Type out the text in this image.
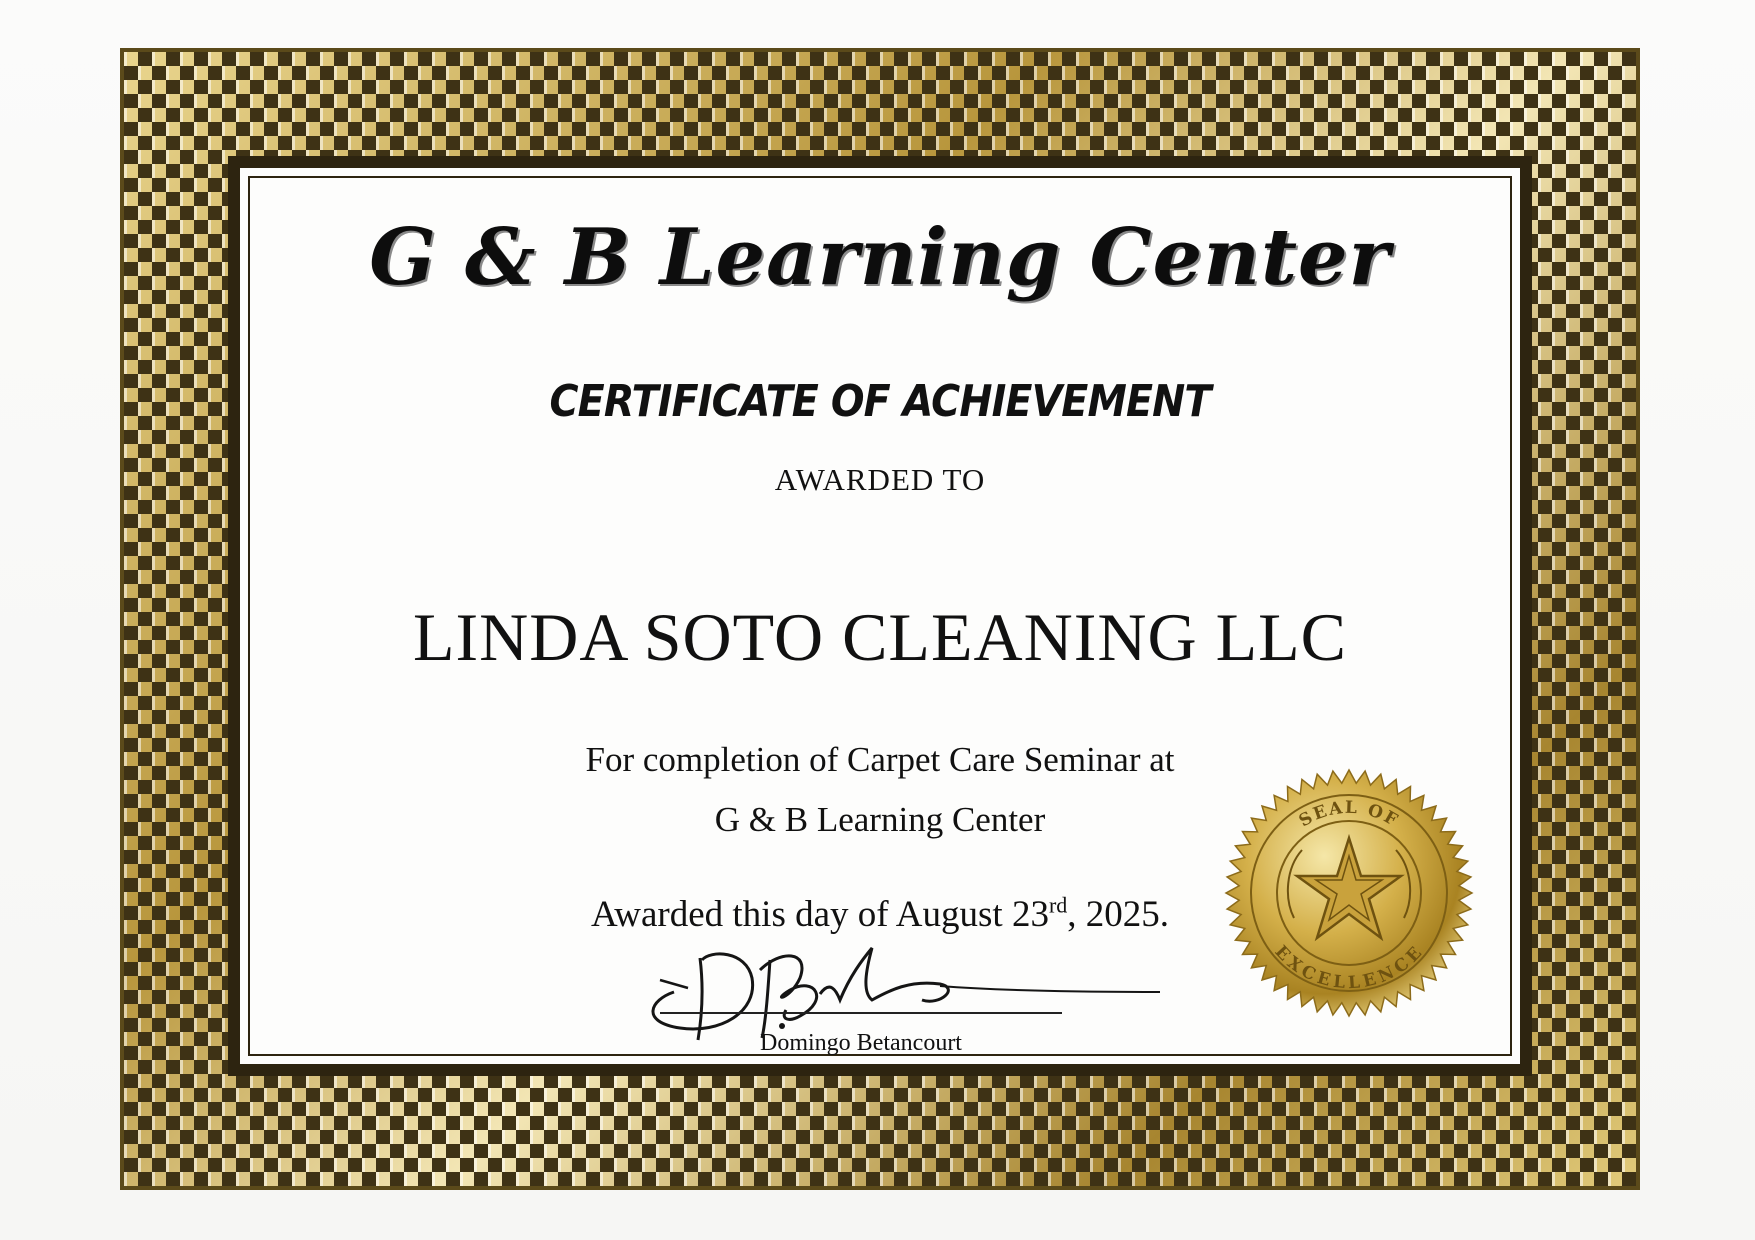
G & B Learning Center
CERTIFICATE OF ACHIEVEMENT

AWARDED TO

LINDA SOTO CLEANING LLC

For completion of Carpet Care Seminar at

G & B Learning Center

Awarded this day of August 23rd, 2025.

Domingo Betancourt

SEAL OF
EXCELLENCE
